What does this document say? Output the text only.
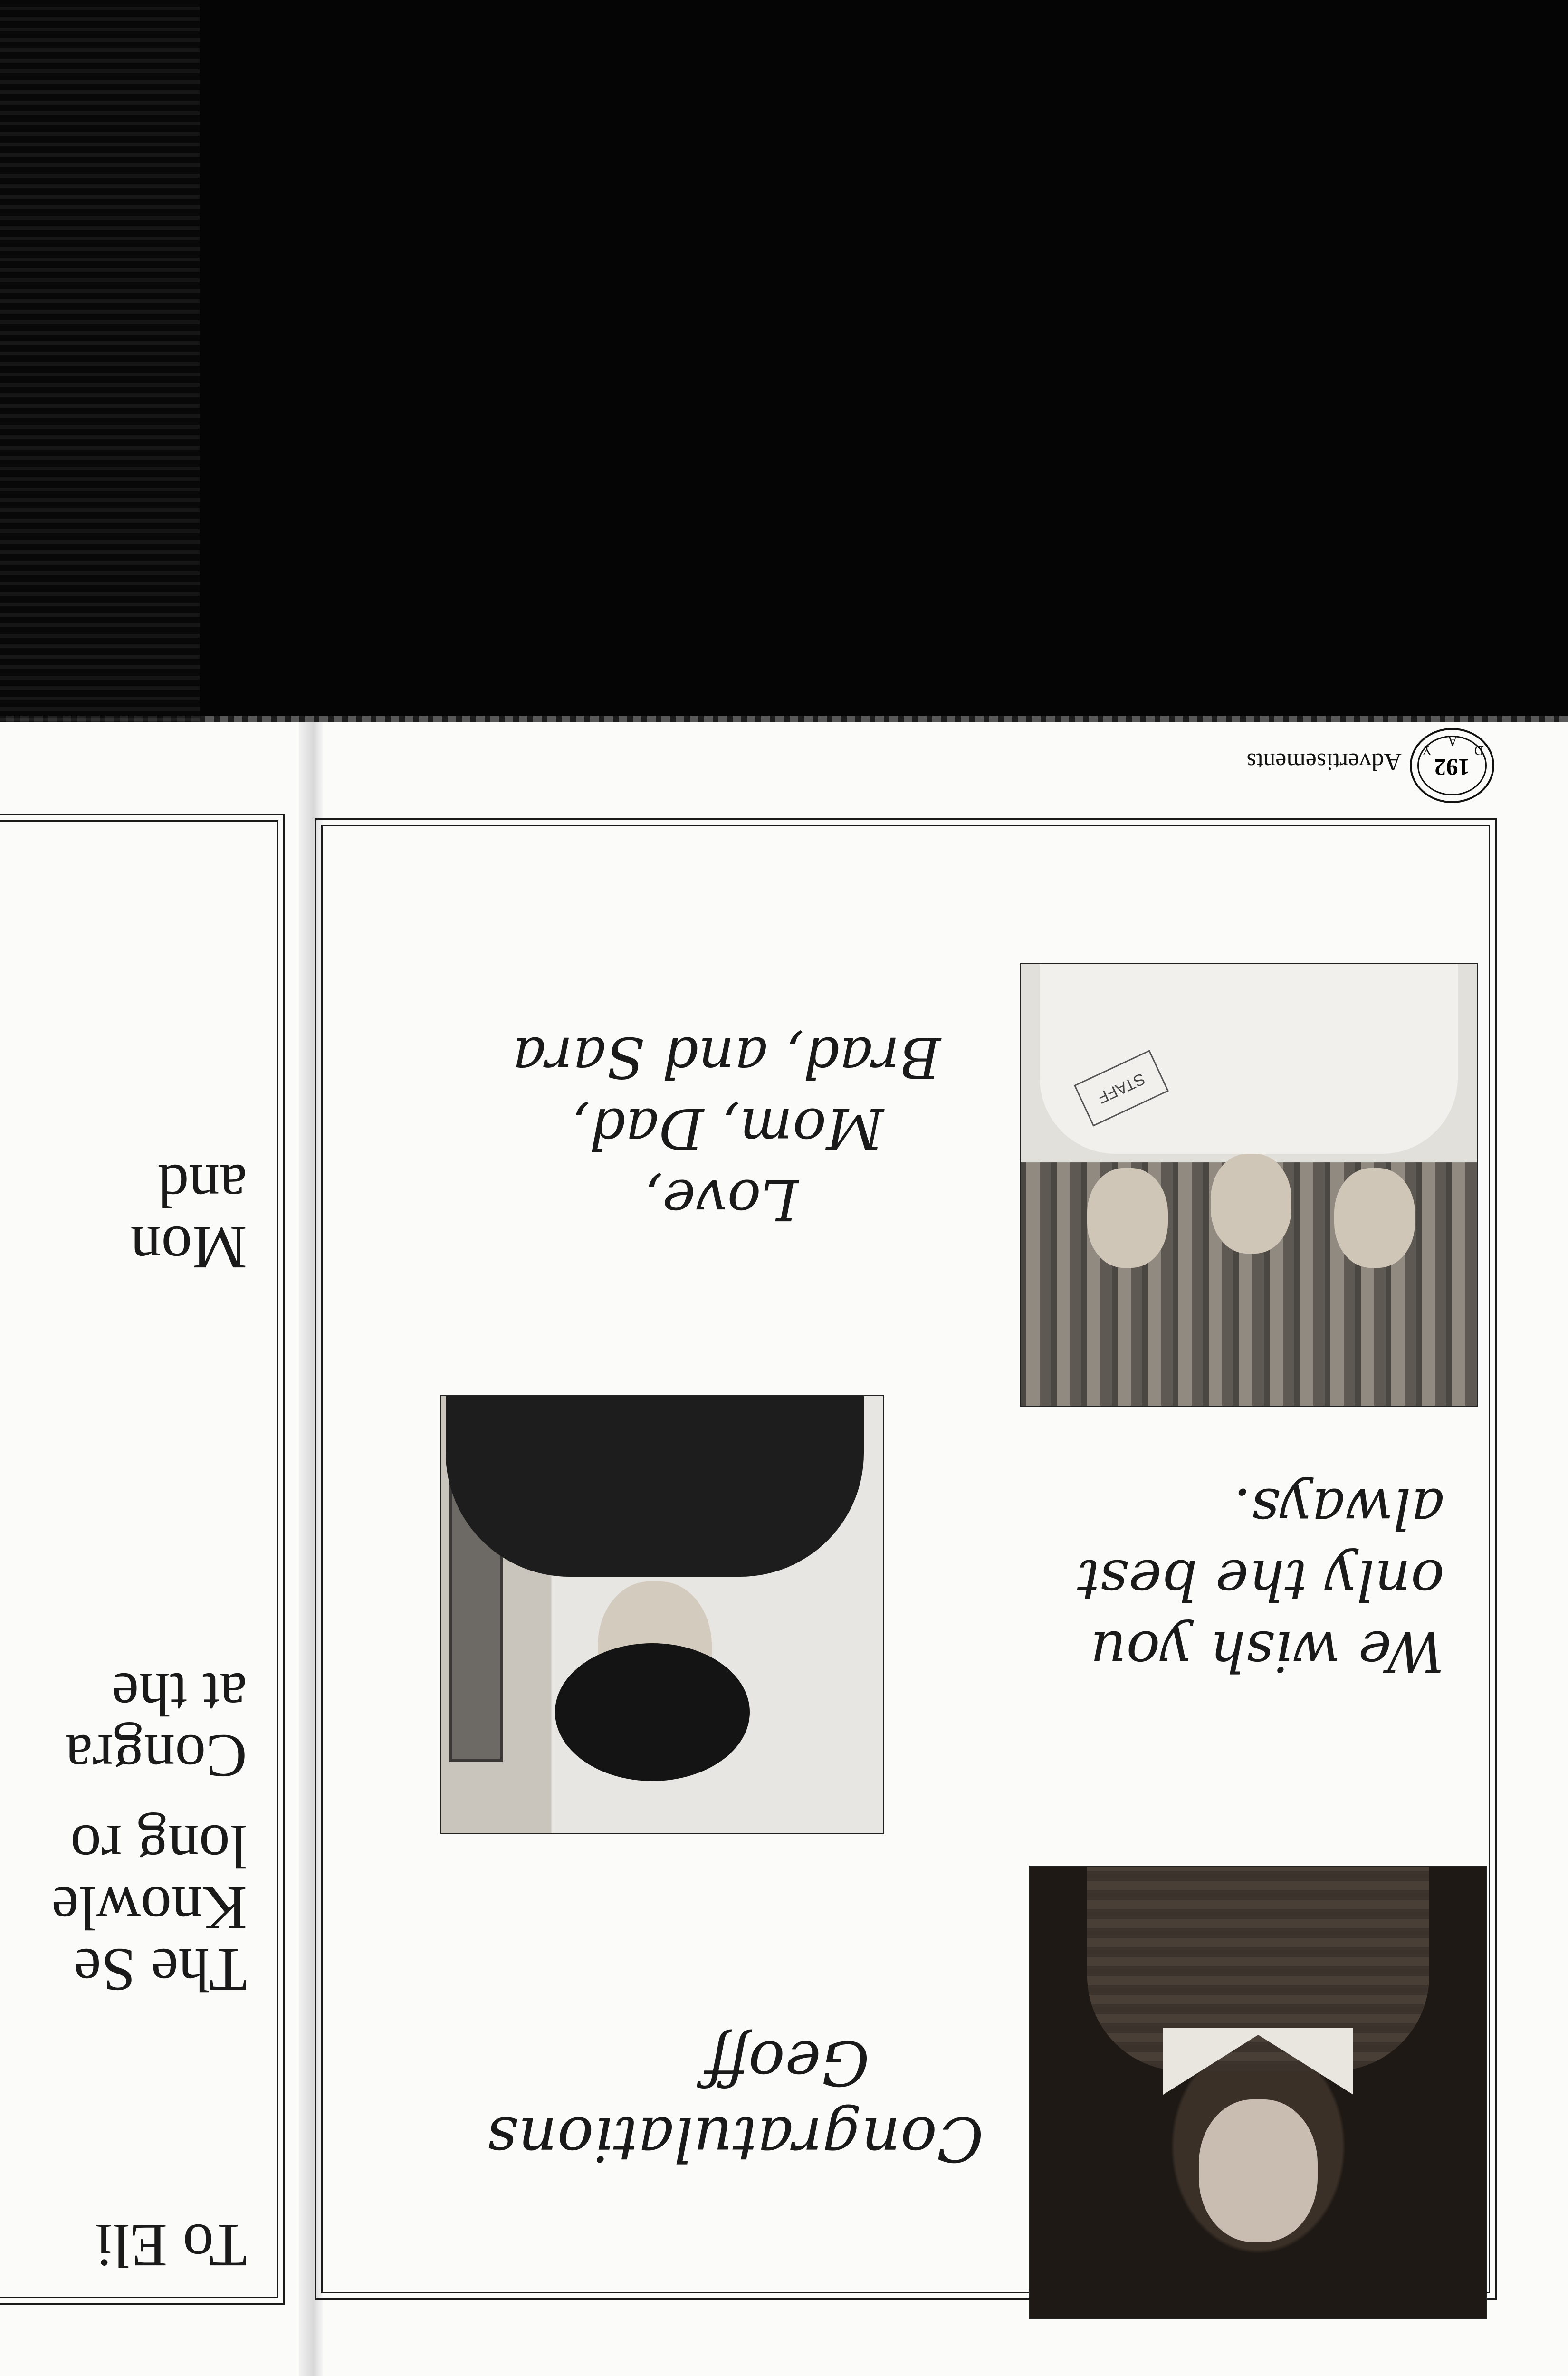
Congratulations
Geoff
We wish you
only the best
always.
STAFF
Love,
Mom, Dad,
Brad, and Sara
To Eli
The Se
Knowle
long ro
Congra
at the
Mon
and
D
A
Y
192
Advertisements
